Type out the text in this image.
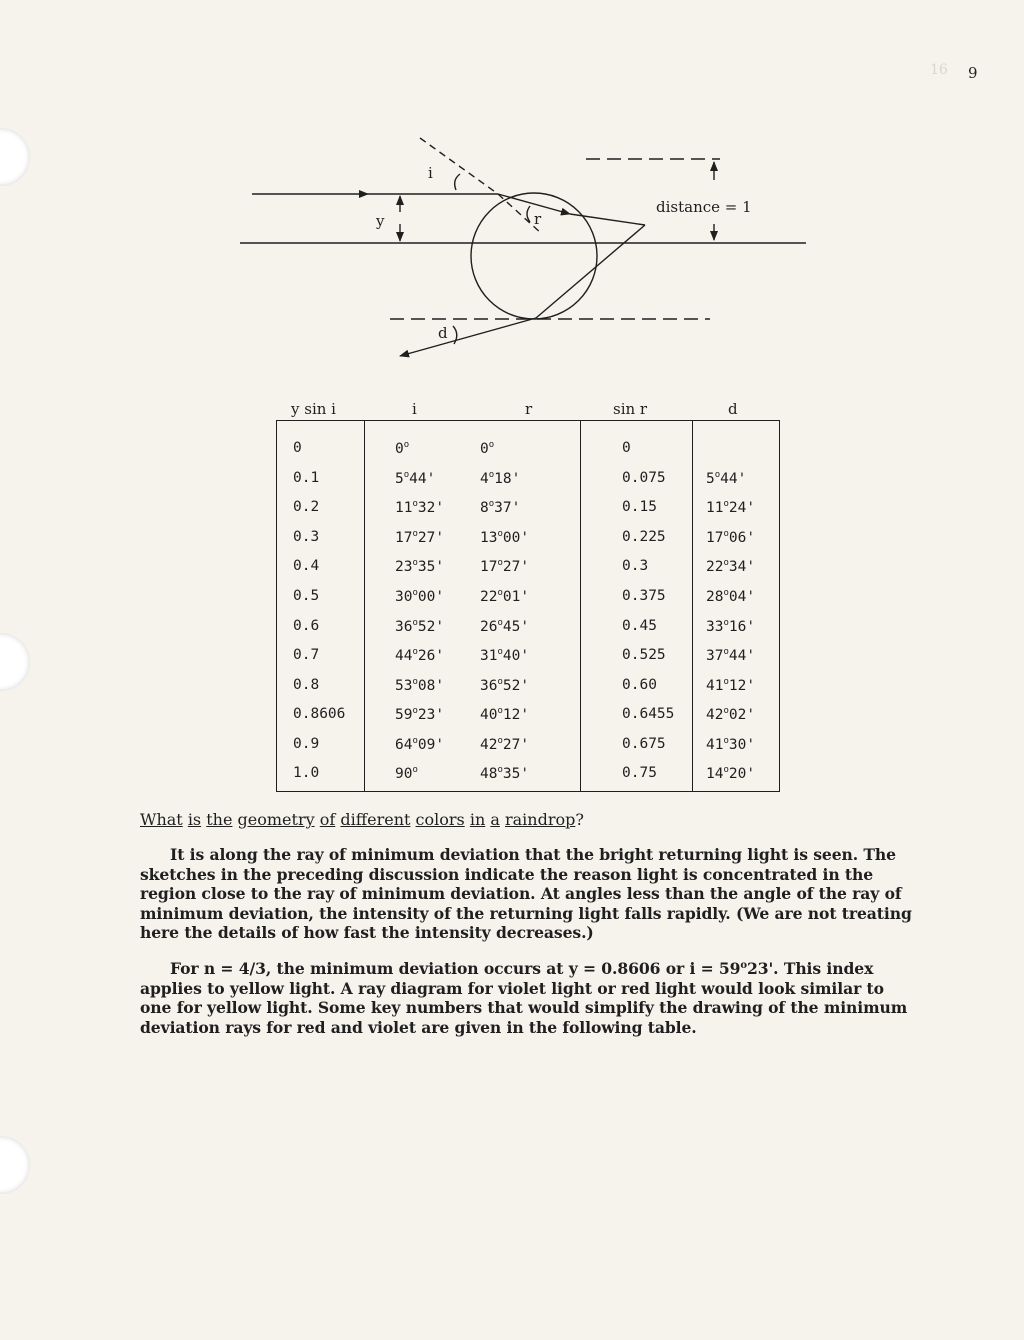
16 9
i
r
y
d
distance = 1
y sin i	i	r	sin r	d
0	0$^o$	0$^o$	0
0.1	5$^o$44'	4$^o$18'	0.075	5$^o$44'
0.2	11$^o$32' 8$^o$37'	0.15	11$^o$24'
0.3	17$^o$27' 13$^o$00'	0.225	17$^o$06'
0.4	23$^o$35' 17$^o$27'	0.3	22$^o$34'
0.5	30$^o$00' 22$^o$01'	0.375	28$^o$04'
0.6	36$^o$52' 26$^o$45'	0.45	33$^o$16'
0.7	44$^o$26' 31$^o$40'	0.525	37$^o$44'
0.8	53$^o$08' 36$^o$52'	0.60	41$^o$12'
0.8606	59$^o$23' 40$^o$12'	0.6455 42$^o$02'
0.9	64$^o$09' 42$^o$27'	0.675	41$^o$30'
1.0	90$^o$	48$^o$35'	0.75	14$^o$20'
What is the geometry of different colors in a raindrop?
It is along the ray of minimum deviation that the bright returning light is seen. The sketches in the preceding discussion indicate the reason light is concentrated in the region close to the ray of minimum deviation. At angles less than the angle of the ray of minimum deviation, the intensity of the returning light falls rapidly. (We are not treating here the details of how fast the intensity decreases.)
For n = 4/3, the minimum deviation occurs at y = 0.8606 or $i = 59^o23'$. This index applies to yellow light. A ray diagram for violet light or red light would look similar to one for yellow light. Some key numbers that would simplify the drawing of the minimum deviation rays for red and violet are given in the following table.
